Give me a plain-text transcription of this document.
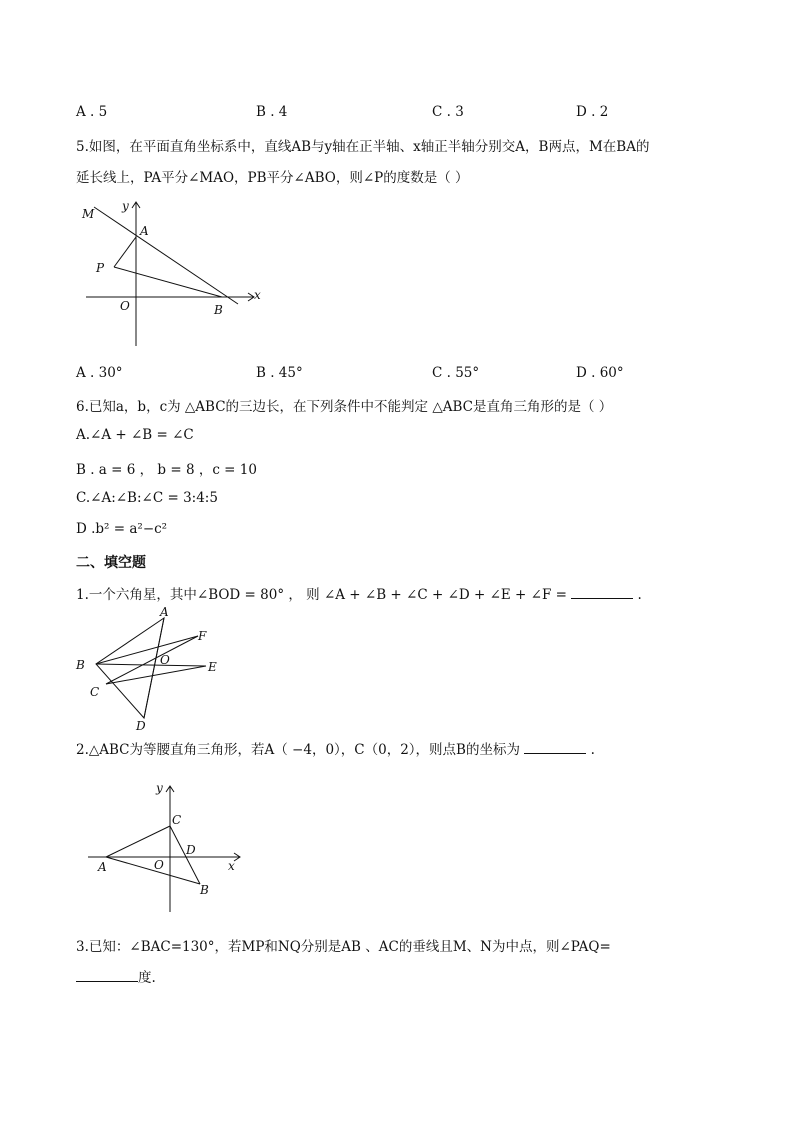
A . 5	B . 4	C . 3	D . 2
5.如图，在平面直角坐标系中，直线AB与y轴在正半轴、x轴正半轴分别交A，B两点，M在BA的
延长线上，PA平分∠MAO，PB平分∠ABO，则∠P的度数是（ ）
M
y
A
P
O	B
x
A . 30°	B . 45°	C . 55°	D . 60°
6.已知a，b，c为 △ABC的三边长，在下列条件中不能判定 △ABC是直角三角形的是（ ）
A.∠A + ∠B = ∠C
B . a = 6 ， b = 8 ，c = 10
C.∠A:∠B:∠C = 3:4:5
D .b² = a²−c²
二、填空题
1.一个六角星，其中∠BOD = 80° ， 则 ∠A + ∠B + ∠C + ∠D + ∠E + ∠F =	.
A
F
B	O	E
C
D
2.△ABC为等腰直角三角形，若A（ −4，0），C（0，2），则点B的坐标为	.
y
C
D
A	O	x
B
3.已知：∠BAC=130°，若MP和NQ分别是AB 、AC的垂线且M、N为中点，则∠PAQ=
度.
